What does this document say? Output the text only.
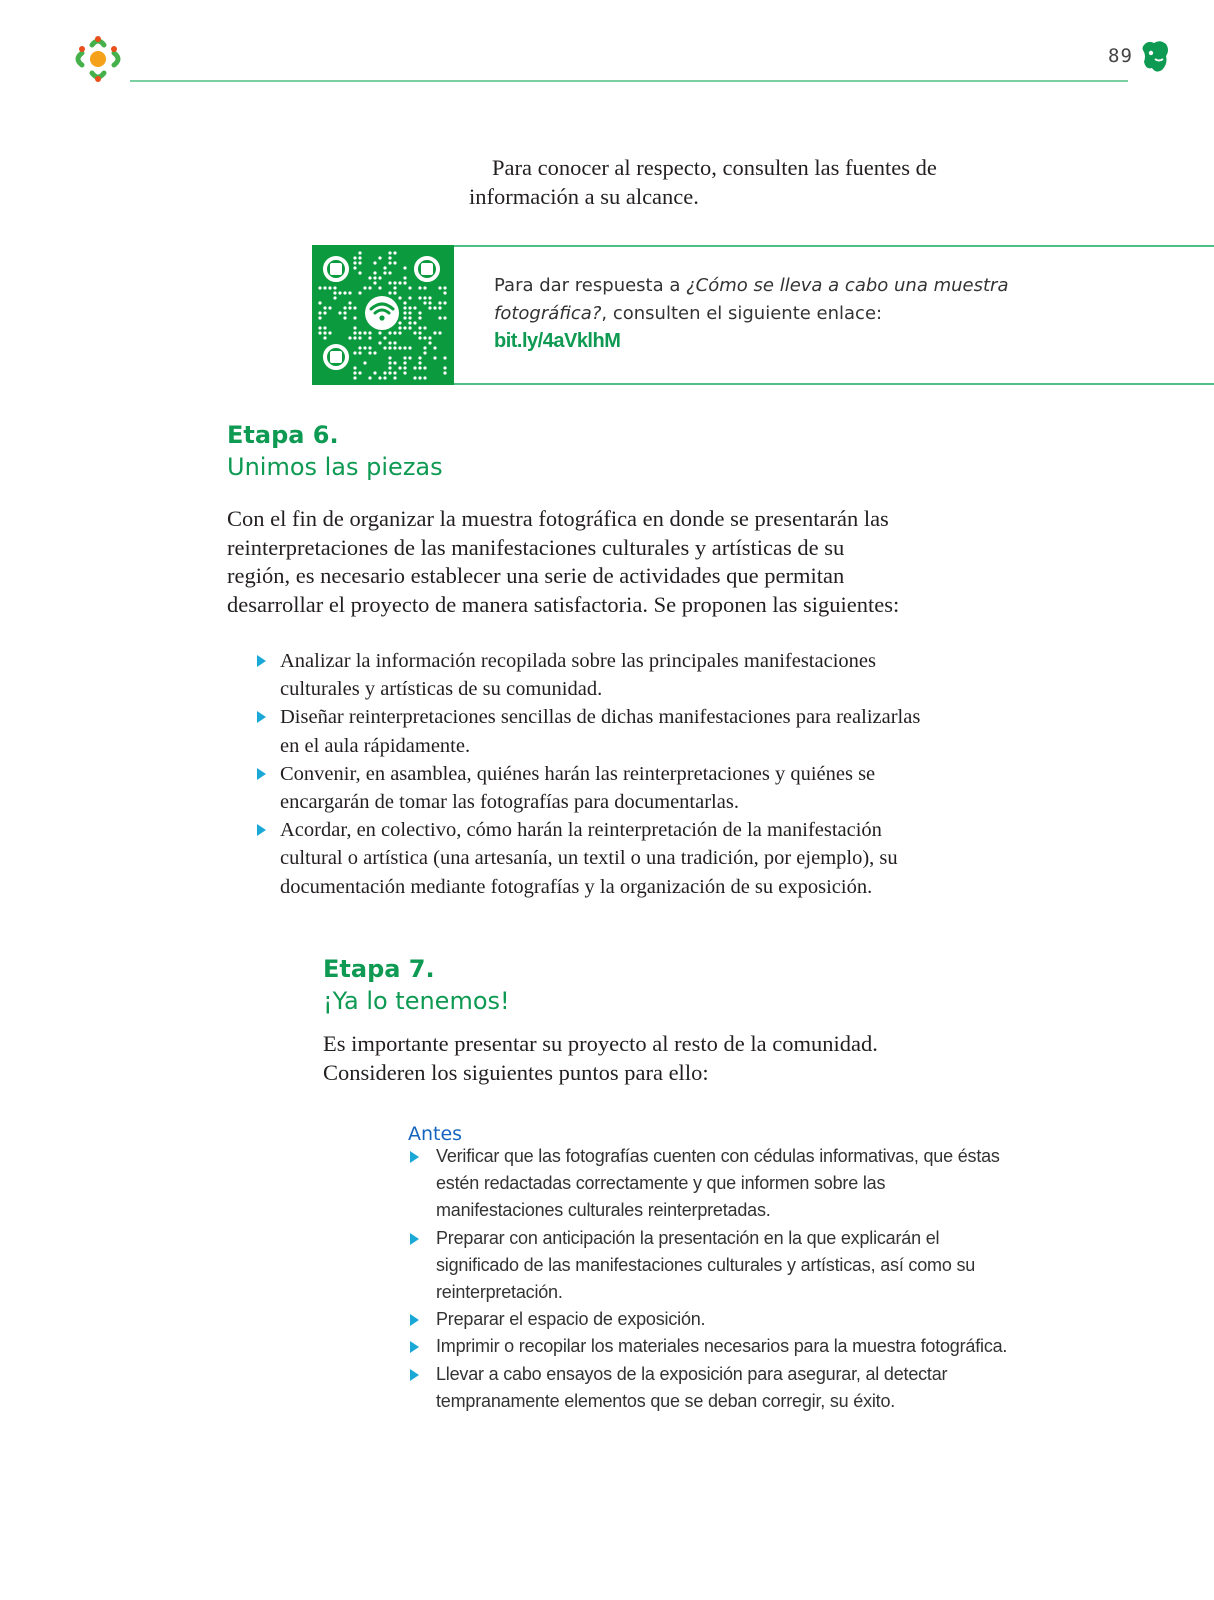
89
Para conocer al respecto, consulten las fuentes de
información a su alcance.
Para dar respuesta a ¿Cómo se lleva a cabo una muestra fotográfica?, consulten el siguiente enlace:
bit.ly/4aVklhM
Etapa 6.
Unimos las piezas
Con el fin de organizar la muestra fotográfica en donde se presentarán las reinterpretaciones de las manifestaciones culturales y artísticas de su región, es necesario establecer una serie de actividades que permitan desarrollar el proyecto de manera satisfactoria. Se proponen las siguientes:
Analizar la información recopilada sobre las principales manifestaciones culturales y artísticas de su comunidad.
Diseñar reinterpretaciones sencillas de dichas manifestaciones para realizarlas en el aula rápidamente.
Convenir, en asamblea, quiénes harán las reinterpretaciones y quiénes se encargarán de tomar las fotografías para documentarlas.
Acordar, en colectivo, cómo harán la reinterpretación de la manifestación cultural o artística (una artesanía, un textil o una tradición, por ejemplo), su documentación mediante fotografías y la organización de su exposición.
Etapa 7.
¡Ya lo tenemos!
Es importante presentar su proyecto al resto de la comunidad. Consideren los siguientes puntos para ello:
Antes
Verificar que las fotografías cuenten con cédulas informativas, que éstas estén redactadas correctamente y que informen sobre las manifestaciones culturales reinterpretadas.
Preparar con anticipación la presentación en la que explicarán el significado de las manifestaciones culturales y artísticas, así como su reinterpretación.
Preparar el espacio de exposición.
Imprimir o recopilar los materiales necesarios para la muestra fotográfica.
Llevar a cabo ensayos de la exposición para asegurar, al detectar tempranamente elementos que se deban corregir, su éxito.
